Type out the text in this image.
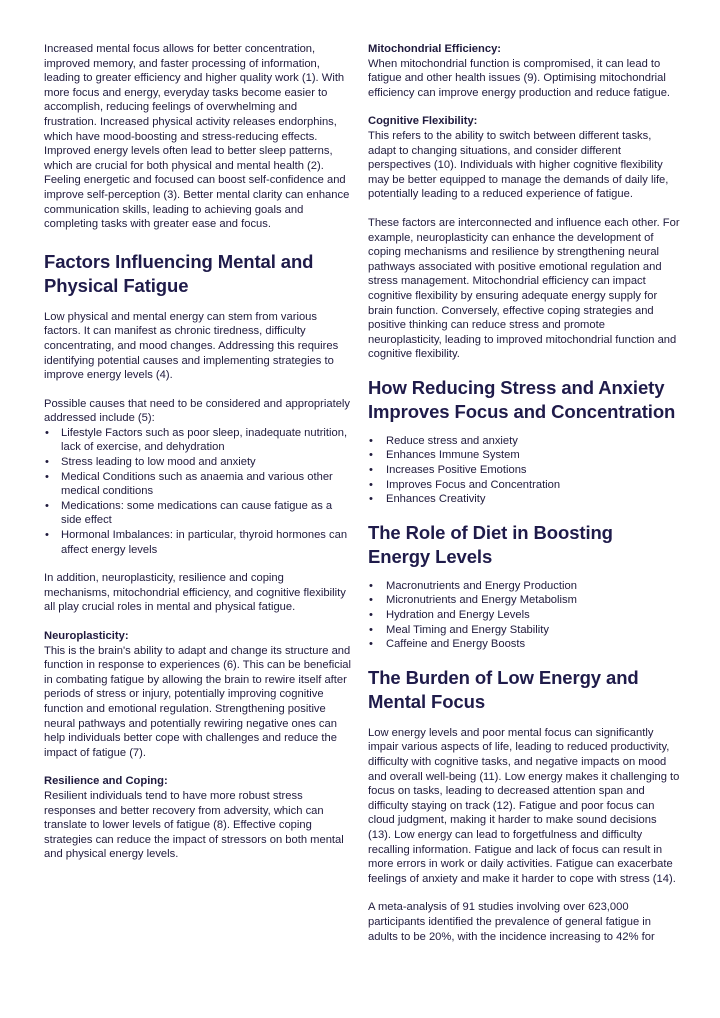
Increased mental focus allows for better concentration, improved memory, and faster processing of information, leading to greater efficiency and higher quality work (1). With more focus and energy, everyday tasks become easier to accomplish, reducing feelings of overwhelming and frustration. Increased physical activity releases endorphins, which have mood-boosting and stress-reducing effects. Improved energy levels often lead to better sleep patterns, which are crucial for both physical and mental health (2). Feeling energetic and focused can boost self-confidence and improve self-perception (3). Better mental clarity can enhance communication skills, leading to achieving goals and completing tasks with greater ease and focus.

Factors Influencing Mental and Physical Fatigue

Low physical and mental energy can stem from various factors. It can manifest as chronic tiredness, difficulty concentrating, and mood changes. Addressing this requires identifying potential causes and implementing strategies to improve energy levels (4).

Possible causes that need to be considered and appropriately addressed include (5):

• Lifestyle Factors such as poor sleep, inadequate nutrition, lack of exercise, and dehydration
• Stress leading to low mood and anxiety
• Medical Conditions such as anaemia and various other medical conditions
• Medications: some medications can cause fatigue as a side effect
• Hormonal Imbalances: in particular, thyroid hormones can affect energy levels

In addition, neuroplasticity, resilience and coping mechanisms, mitochondrial efficiency, and cognitive flexibility all play crucial roles in mental and physical fatigue.

Neuroplasticity:
This is the brain's ability to adapt and change its structure and function in response to experiences (6). This can be beneficial in combating fatigue by allowing the brain to rewire itself after periods of stress or injury, potentially improving cognitive function and emotional regulation. Strengthening positive neural pathways and potentially rewiring negative ones can help individuals better cope with challenges and reduce the impact of fatigue (7).

Resilience and Coping:
Resilient individuals tend to have more robust stress responses and better recovery from adversity, which can translate to lower levels of fatigue (8). Effective coping strategies can reduce the impact of stressors on both mental and physical energy levels.

Mitochondrial Efficiency:
When mitochondrial function is compromised, it can lead to fatigue and other health issues (9). Optimising mitochondrial efficiency can improve energy production and reduce fatigue.

Cognitive Flexibility:
This refers to the ability to switch between different tasks, adapt to changing situations, and consider different perspectives (10). Individuals with higher cognitive flexibility may be better equipped to manage the demands of daily life, potentially leading to a reduced experience of fatigue.

These factors are interconnected and influence each other. For example, neuroplasticity can enhance the development of coping mechanisms and resilience by strengthening neural pathways associated with positive emotional regulation and stress management. Mitochondrial efficiency can impact cognitive flexibility by ensuring adequate energy supply for brain function. Conversely, effective coping strategies and positive thinking can reduce stress and promote neuroplasticity, leading to improved mitochondrial function and cognitive flexibility.

How Reducing Stress and Anxiety Improves Focus and Concentration
• Reduce stress and anxiety
• Enhances Immune System
• Increases Positive Emotions
• Improves Focus and Concentration
• Enhances Creativity
The Role of Diet in Boosting Energy Levels
• Macronutrients and Energy Production
• Micronutrients and Energy Metabolism
• Hydration and Energy Levels
• Meal Timing and Energy Stability
• Caffeine and Energy Boosts
The Burden of Low Energy and Mental Focus

Low energy levels and poor mental focus can significantly impair various aspects of life, leading to reduced productivity, difficulty with cognitive tasks, and negative impacts on mood and overall well-being (11). Low energy makes it challenging to focus on tasks, leading to decreased attention span and difficulty staying on track (12). Fatigue and poor focus can cloud judgment, making it harder to make sound decisions (13). Low energy can lead to forgetfulness and difficulty recalling information. Fatigue and lack of focus can result in more errors in work or daily activities. Fatigue can exacerbate feelings of anxiety and make it harder to cope with stress (14).

A meta-analysis of 91 studies involving over 623,000 participants identified the prevalence of general fatigue in adults to be 20%, with the incidence increasing to 42% for
